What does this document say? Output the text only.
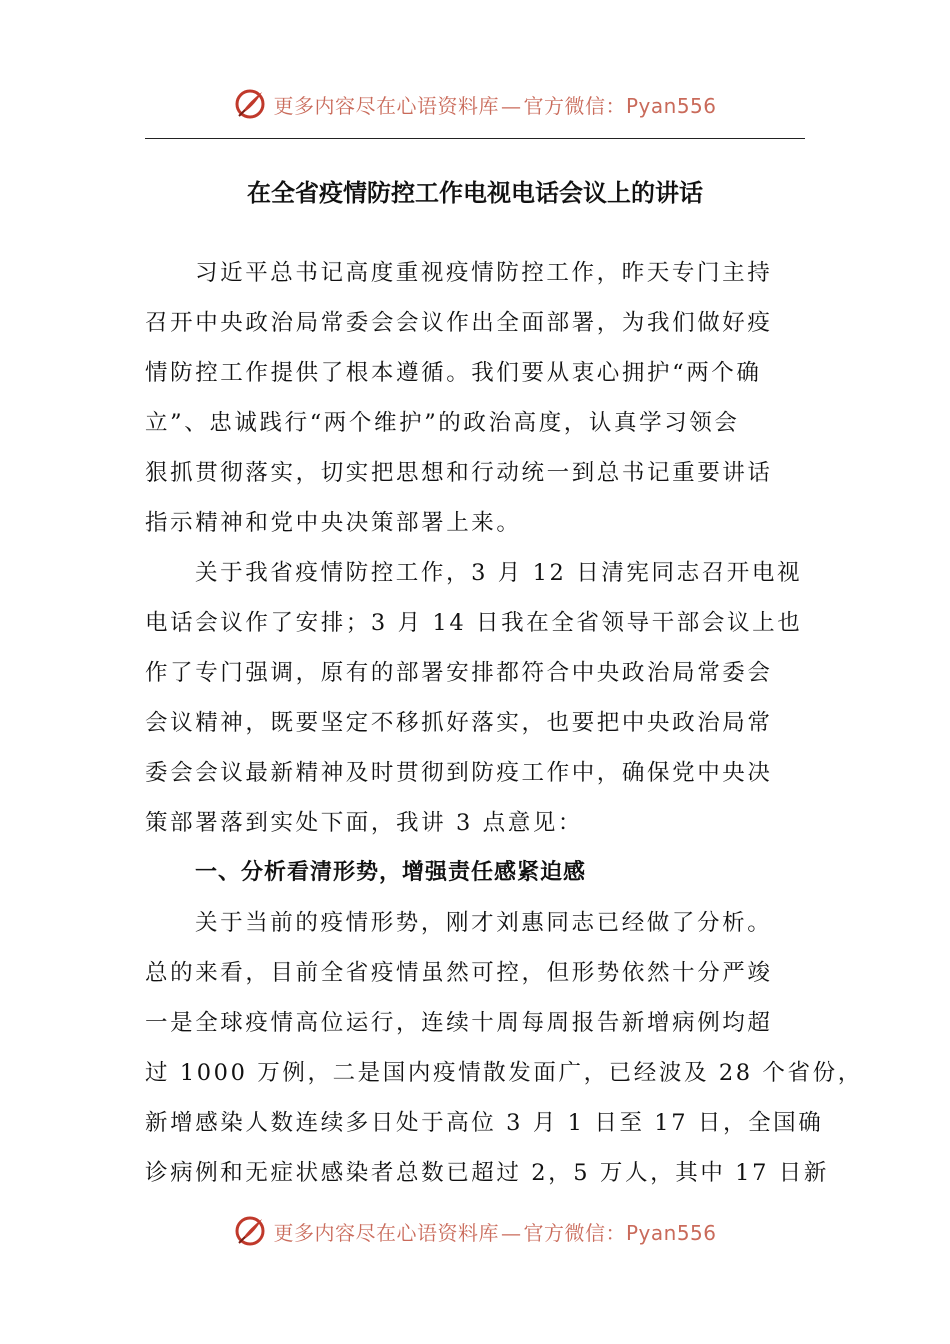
更多内容尽在心语资料库 — 官方微信：Pyan556
在全省疫情防控工作电视电话会议上的讲话
习近平总书记高度重视疫情防控工作，昨天专门主持
召开中央政治局常委会会议作出全面部署，为我们做好疫
情防控工作提供了根本遵循。我们要从衷心拥护“两个确
立”、忠诚践行“两个维护”的政治高度，认真学习领会
狠抓贯彻落实，切实把思想和行动统一到总书记重要讲话
指示精神和党中央决策部署上来。
关于我省疫情防控工作，3 月 12 日清宪同志召开电视
电话会议作了安排；3 月 14 日我在全省领导干部会议上也
作了专门强调，原有的部署安排都符合中央政治局常委会
会议精神，既要坚定不移抓好落实，也要把中央政治局常
委会会议最新精神及时贯彻到防疫工作中，确保党中央决
策部署落到实处下面，我讲 3 点意见：
一、分析看清形势，增强责任感紧迫感
关于当前的疫情形势，刚才刘惠同志已经做了分析。
总的来看，目前全省疫情虽然可控，但形势依然十分严竣
一是全球疫情高位运行，连续十周每周报告新增病例均超
过 1000 万例，二是国内疫情散发面广，已经波及 28 个省份，
新增感染人数连续多日处于高位 3 月 1 日至 17 日，全国确
诊病例和无症状感染者总数已超过 2，5 万人，其中 17 日新
更多内容尽在心语资料库 — 官方微信：Pyan556
